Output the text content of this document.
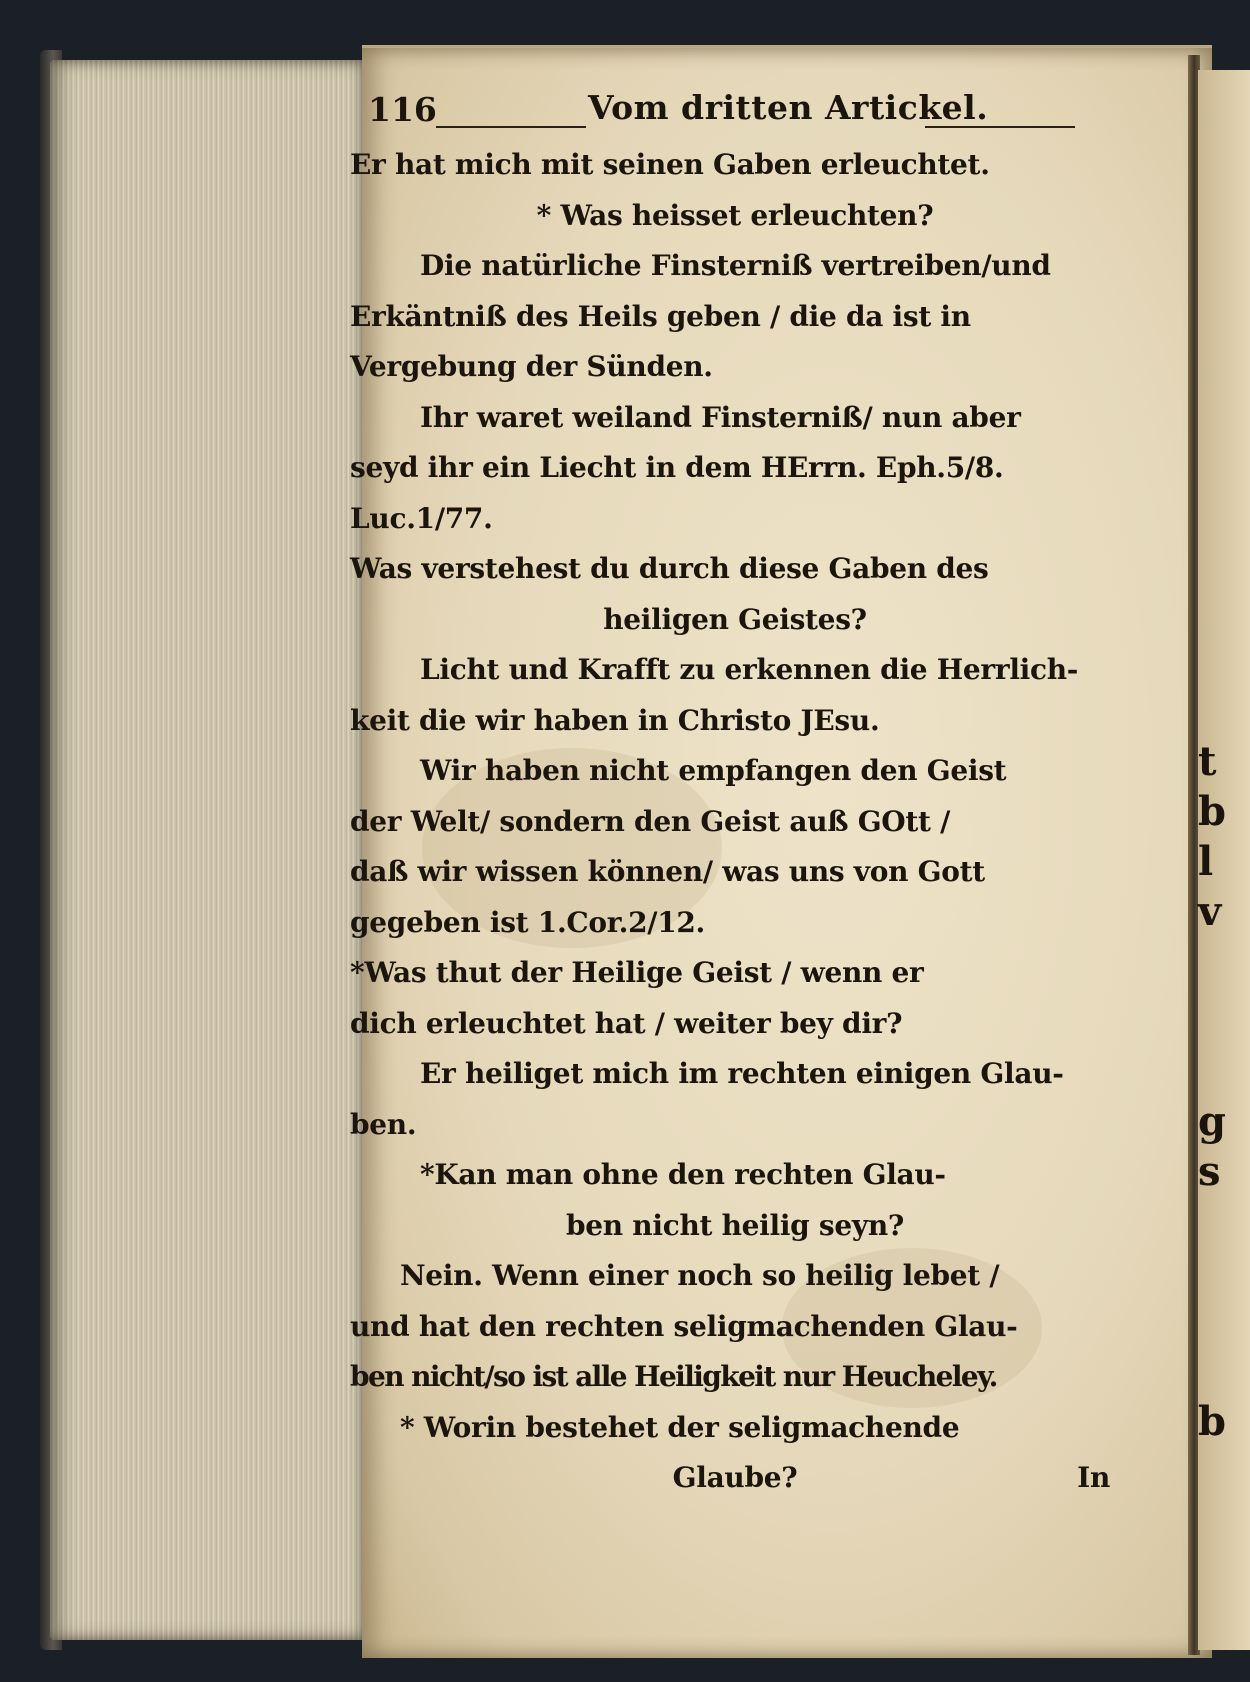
t
b
l
v
g
s
b
116	Vom dritten Artickel.
Er hat mich mit seinen Gaben erleuchtet.
* Was heisset erleuchten?
Die natürliche Finsterniß vertreiben/und
Erkäntniß des Heils geben / die da ist in
Vergebung der Sünden.
Ihr waret weiland Finsterniß/ nun aber
seyd ihr ein Liecht in dem HErrn. Eph.5/8.
Luc.1/77.
Was verstehest du durch diese Gaben des
heiligen Geistes?
Licht und Krafft zu erkennen die Herrlich-
keit die wir haben in Christo JEsu.
Wir haben nicht empfangen den Geist
der Welt/ sondern den Geist auß GOtt /
daß wir wissen können/ was uns von Gott
gegeben ist 1.Cor.2/12.
*Was thut der Heilige Geist / wenn er
dich erleuchtet hat / weiter bey dir?
Er heiliget mich im rechten einigen Glau-
ben.
*Kan man ohne den rechten Glau-
ben nicht heilig seyn?
Nein. Wenn einer noch so heilig lebet /
und hat den rechten seligmachenden Glau-
ben nicht/so ist alle Heiligkeit nur Heucheley.
* Worin bestehet der seligmachende
Glaube?	In
